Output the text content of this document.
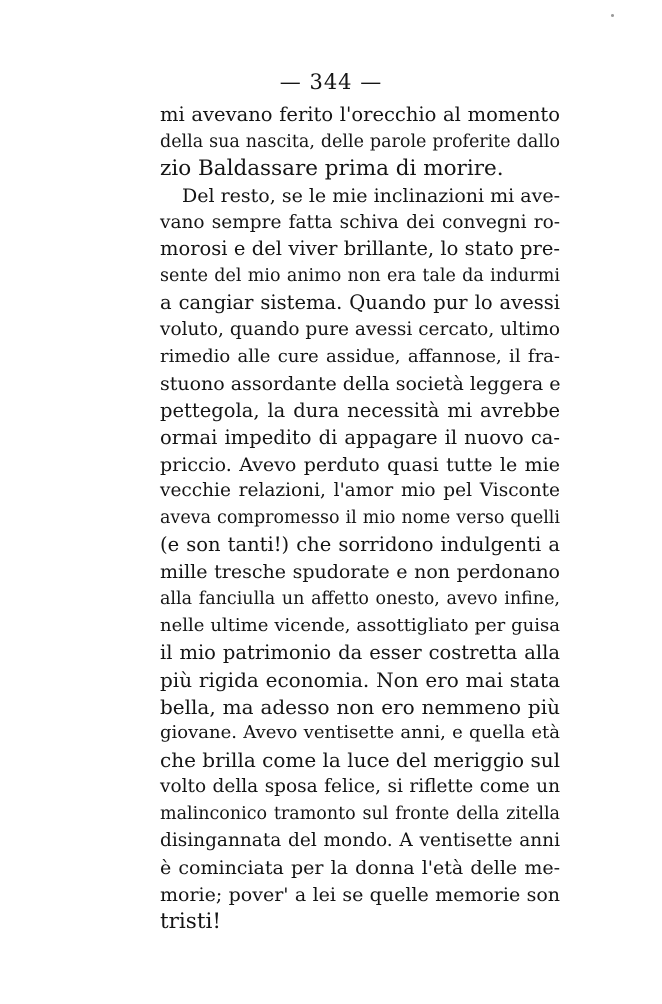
— 344 —
mi avevano ferito l'orecchio al momento
della sua nascita, delle parole proferite dallo
zio Baldassare prima di morire.
Del resto, se le mie inclinazioni mi ave-
vano sempre fatta schiva dei convegni ro-
morosi e del viver brillante, lo stato pre-
sente del mio animo non era tale da indurmi
a cangiar sistema. Quando pur lo avessi
voluto, quando pure avessi cercato, ultimo
rimedio alle cure assidue, affannose, il fra-
stuono assordante della società leggera e
pettegola, la dura necessità mi avrebbe
ormai impedito di appagare il nuovo ca-
priccio. Avevo perduto quasi tutte le mie
vecchie relazioni, l'amor mio pel Visconte
aveva compromesso il mio nome verso quelli
(e son tanti!) che sorridono indulgenti a
mille tresche spudorate e non perdonano
alla fanciulla un affetto onesto, avevo infine,
nelle ultime vicende, assottigliato per guisa
il mio patrimonio da esser costretta alla
più rigida economia. Non ero mai stata
bella, ma adesso non ero nemmeno più
giovane. Avevo ventisette anni, e quella età
che brilla come la luce del meriggio sul
volto della sposa felice, si riflette come un
malinconico tramonto sul fronte della zitella
disingannata del mondo. A ventisette anni
è cominciata per la donna l'età delle me-
morie; pover' a lei se quelle memorie son
tristi!
